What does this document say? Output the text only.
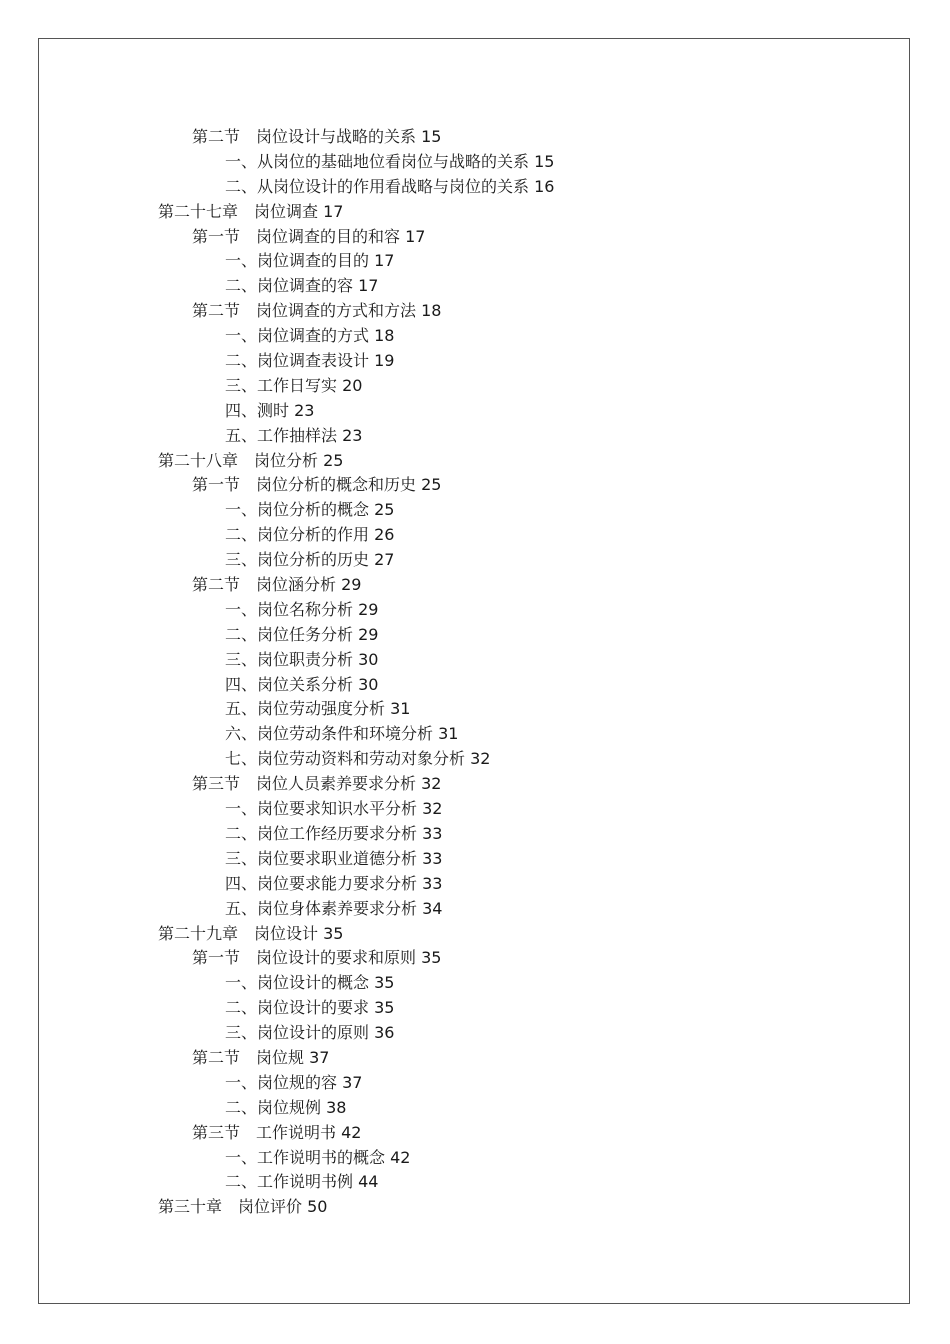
第二节　岗位设计与战略的关系 15
一、从岗位的基础地位看岗位与战略的关系 15
二、从岗位设计的作用看战略与岗位的关系 16
第二十七章　岗位调查 17
第一节　岗位调查的目的和容 17
一、岗位调查的目的 17
二、岗位调查的容 17
第二节　岗位调查的方式和方法 18
一、岗位调查的方式 18
二、岗位调查表设计 19
三、工作日写实 20
四、测时 23
五、工作抽样法 23
第二十八章　岗位分析 25
第一节　岗位分析的概念和历史 25
一、岗位分析的概念 25
二、岗位分析的作用 26
三、岗位分析的历史 27
第二节　岗位涵分析 29
一、岗位名称分析 29
二、岗位任务分析 29
三、岗位职责分析 30
四、岗位关系分析 30
五、岗位劳动强度分析 31
六、岗位劳动条件和环境分析 31
七、岗位劳动资料和劳动对象分析 32
第三节　岗位人员素养要求分析 32
一、岗位要求知识水平分析 32
二、岗位工作经历要求分析 33
三、岗位要求职业道德分析 33
四、岗位要求能力要求分析 33
五、岗位身体素养要求分析 34
第二十九章　岗位设计 35
第一节　岗位设计的要求和原则 35
一、岗位设计的概念 35
二、岗位设计的要求 35
三、岗位设计的原则 36
第二节　岗位规 37
一、岗位规的容 37
二、岗位规例 38
第三节　工作说明书 42
一、工作说明书的概念 42
二、工作说明书例 44
第三十章　岗位评价 50
